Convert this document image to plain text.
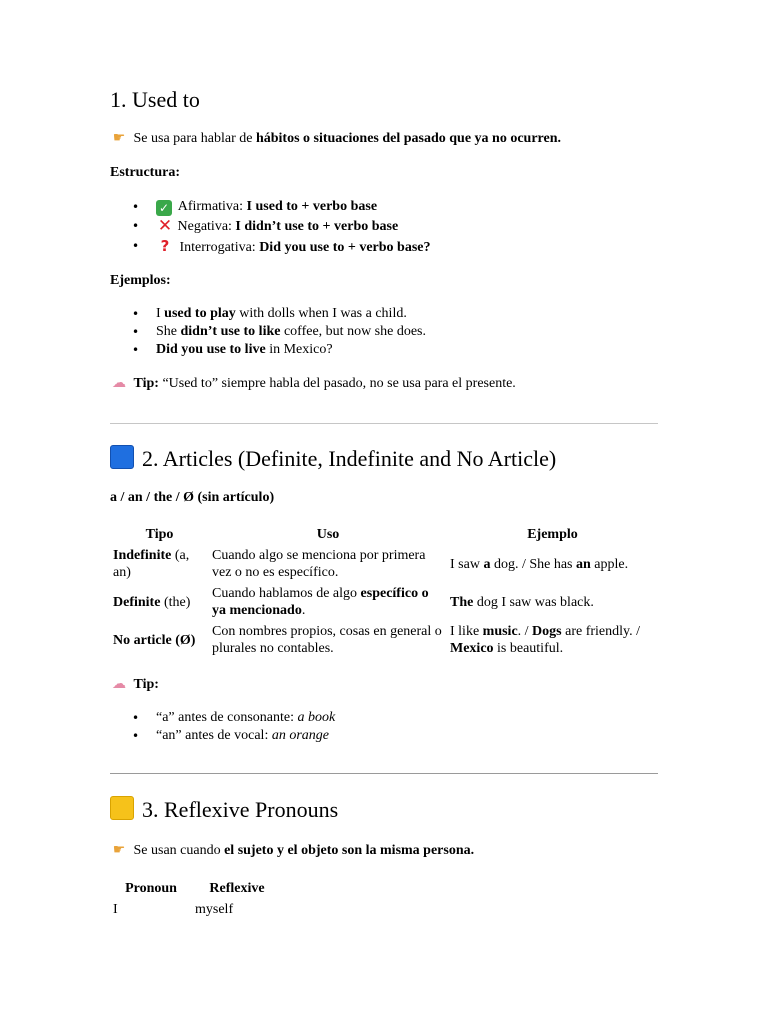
1. Used to
☛ Se usa para hablar de hábitos o situaciones del pasado que ya no ocurren.
Estructura:
• ✓ Afirmativa: I used to + verbo base
• ✕ Negativa: I didn’t use to + verbo base
• ? Interrogativa: Did you use to + verbo base?
Ejemplos:
• I used to play with dolls when I was a child.
• She didn’t use to like coffee, but now she does.
• Did you use to live in Mexico?
☁ Tip: “Used to” siempre habla del pasado, no se usa para el presente.
2. Articles (Definite, Indefinite and No Article)
a / an / the / Ø (sin artículo)
Tipo	Uso	Ejemplo
Indefinite (a, an)	Cuando algo se menciona por primera vez o no es específico.	I saw a dog. / She has an apple.
Definite (the)	Cuando hablamos de algo específico o ya mencionado.	The dog I saw was black.
No article (Ø)	Con nombres propios, cosas en general o plurales no contables.	I like music. / Dogs are friendly. / Mexico is beautiful.
☁ Tip:
• “a” antes de consonante: a book
• “an” antes de vocal: an orange
3. Reflexive Pronouns
☛ Se usan cuando el sujeto y el objeto son la misma persona.
Pronoun	Reflexive
I	myself
